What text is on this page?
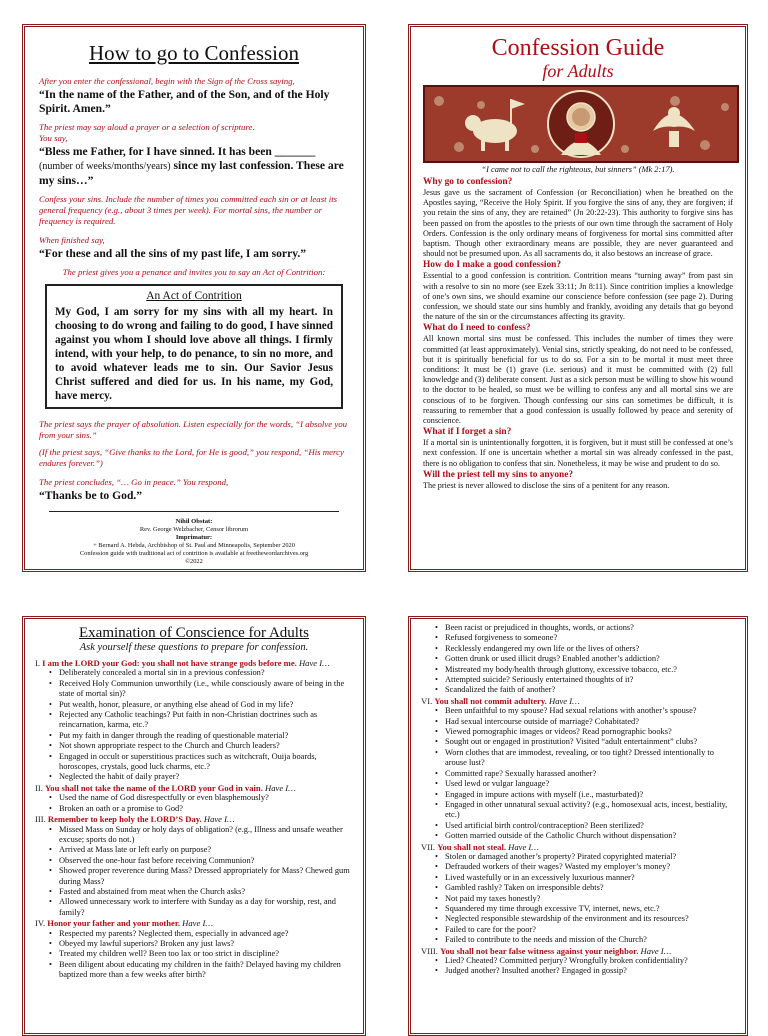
How to go to Confession

After you enter the confessional, begin with the Sign of the Cross saying,

“In the name of the Father, and of the Son, and of the Holy Spirit. Amen.”

The priest may say aloud a prayer or a selection of scripture.

You say,

“Bless me Father, for I have sinned. It has been _______ (number of weeks/months/years) since my last confession. These are my sins…”

Confess your sins. Include the number of times you committed each sin or at least its general frequency (e.g., about 3 times per week). For mortal sins, the number or frequency is required.

When finished say,

“For these and all the sins of my past life, I am sorry.”

The priest gives you a penance and invites you to say an Act of Contrition:

An Act of Contrition
My God, I am sorry for my sins with all my heart. In choosing to do wrong and failing to do good, I have sinned against you whom I should love above all things. I firmly intend, with your help, to do penance, to sin no more, and to avoid whatever leads me to sin. Our Savior Jesus Christ suffered and died for us. In his name, my God, have mercy.

The priest says the prayer of absolution. Listen especially for the words, “I absolve you from your sins.”

(If the priest says, “Give thanks to the Lord, for He is good,” you respond, “His mercy endures forever.”)

The priest concludes, “… Go in peace.” You respond,

“Thanks be to God.”

Nihil Obstat:
Rev. George Welzbacher, Censor librorum
Imprimatur:
+ Bernard A. Hebda, Archbishop of St. Paul and Minneapolis, September 2020
Confession guide with traditional act of contrition is available at freethewordarchives.org
©2022
Confession Guide
for Adults
“I came not to call the righteous, but sinners” (Mk 2:17).

Why go to confession?

Jesus gave us the sacrament of Confession (or Reconciliation) when he breathed on the Apostles saying, “Receive the Holy Spirit. If you forgive the sins of any, they are forgiven; if you retain the sins of any, they are retained” (Jn 20:22-23). This authority to forgive sins has been passed on from the apostles to the priests of our own time through the sacrament of Holy Orders. Confession is the only ordinary means of forgiveness for mortal sins committed after baptism. Though other extraordinary means are possible, they are never guaranteed and should not be presumed upon. As all sacraments do, it also bestows an increase of grace.

How do I make a good confession?

Essential to a good confession is contrition. Contrition means “turning away” from past sin with a resolve to sin no more (see Ezek 33:11; Jn 8:11). Since contrition implies a knowledge of one’s own sins, we should examine our conscience before confession (see page 2). During confession, we should state our sins humbly and frankly, avoiding any details that go beyond the nature of the sin or the circumstances affecting its gravity.

What do I need to confess?

All known mortal sins must be confessed. This includes the number of times they were committed (at least approximately). Venial sins, strictly speaking, do not need to be confessed, but it is spiritually beneficial for us to do so. For a sin to be mortal it must meet three conditions: It must be (1) grave (i.e. serious) and it must be committed with (2) full knowledge and (3) deliberate consent. Just as a sick person must be willing to show his wound to the doctor to be healed, so must we be willing to confess any and all mortal sins we are conscious of to be forgiven. Though confessing our sins can sometimes be difficult, it is reassuring to remember that a good confession is usually followed by peace and serenity of conscience.

What if I forget a sin?

If a mortal sin is unintentionally forgotten, it is forgiven, but it must still be confessed at one’s next confession. If one is uncertain whether a mortal sin was already confessed in the past, there is no obligation to confess that sin. Nonetheless, it may be wise and prudent to do so.

Will the priest tell my sins to anyone?

The priest is never allowed to disclose the sins of a penitent for any reason.

Examination of Conscience for Adults
Ask yourself these questions to prepare for confession.

I. I am the LORD your God: you shall not have strange gods before me. Have I…

• Deliberately concealed a mortal sin in a previous confession?
• Received Holy Communion unworthily (i.e., while consciously aware of being in the state of mortal sin)?
• Put wealth, honor, pleasure, or anything else ahead of God in my life?
• Rejected any Catholic teachings? Put faith in non-Christian doctrines such as reincarnation, karma, etc.?
• Put my faith in danger through the reading of questionable material?
• Not shown appropriate respect to the Church and Church leaders?
• Engaged in occult or superstitious practices such as witchcraft, Ouija boards, horoscopes, crystals, good luck charms, etc.?
• Neglected the habit of daily prayer?

II. You shall not take the name of the LORD your God in vain. Have I…

• Used the name of God disrespectfully or even blasphemously?
• Broken an oath or a promise to God?

III. Remember to keep holy the LORD’S Day. Have I…

• Missed Mass on Sunday or holy days of obligation? (e.g., Illness and unsafe weather excuse; sports do not.)
• Arrived at Mass late or left early on purpose?
• Observed the one-hour fast before receiving Communion?
• Showed proper reverence during Mass? Dressed appropriately for Mass? Chewed gum during Mass?
• Fasted and abstained from meat when the Church asks?
• Allowed unnecessary work to interfere with Sunday as a day for worship, rest, and family?

IV. Honor your father and your mother. Have I…

• Respected my parents? Neglected them, especially in advanced age?
• Obeyed my lawful superiors? Broken any just laws?
• Treated my children well? Been too lax or too strict in discipline?
• Been diligent about educating my children in the faith? Delayed having my children baptized more than a few weeks after birth?
• Been racist or prejudiced in thoughts, words, or actions?
• Refused forgiveness to someone?
• Recklessly endangered my own life or the lives of others?
• Gotten drunk or used illicit drugs? Enabled another’s addiction?
• Mistreated my body/health through gluttony, excessive tobacco, etc.?
• Attempted suicide? Seriously entertained thoughts of it?
• Scandalized the faith of another?

VI. You shall not commit adultery. Have I…

• Been unfaithful to my spouse? Had sexual relations with another’s spouse?
• Had sexual intercourse outside of marriage? Cohabitated?
• Viewed pornographic images or videos? Read pornographic books?
• Sought out or engaged in prostitution? Visited “adult entertainment” clubs?
• Worn clothes that are immodest, revealing, or too tight? Dressed intentionally to arouse lust?
• Committed rape? Sexually harassed another?
• Used lewd or vulgar language?
• Engaged in impure actions with myself (i.e., masturbated)?
• Engaged in other unnatural sexual activity? (e.g., homosexual acts, incest, bestiality, etc.)
• Used artificial birth control/contraception? Been sterilized?
• Gotten married outside of the Catholic Church without dispensation?

VII. You shall not steal. Have I…

• Stolen or damaged another’s property? Pirated copyrighted material?
• Defrauded workers of their wages? Wasted my employer’s money?
• Lived wastefully or in an excessively luxurious manner?
• Gambled rashly? Taken on irresponsible debts?
• Not paid my taxes honestly?
• Squandered my time through excessive TV, internet, news, etc.?
• Neglected responsible stewardship of the environment and its resources?
• Failed to care for the poor?
• Failed to contribute to the needs and mission of the Church?

VIII. You shall not bear false witness against your neighbor. Have I…

• Lied? Cheated? Committed perjury? Wrongfully broken confidentiality?
• Judged another? Insulted another? Engaged in gossip?
